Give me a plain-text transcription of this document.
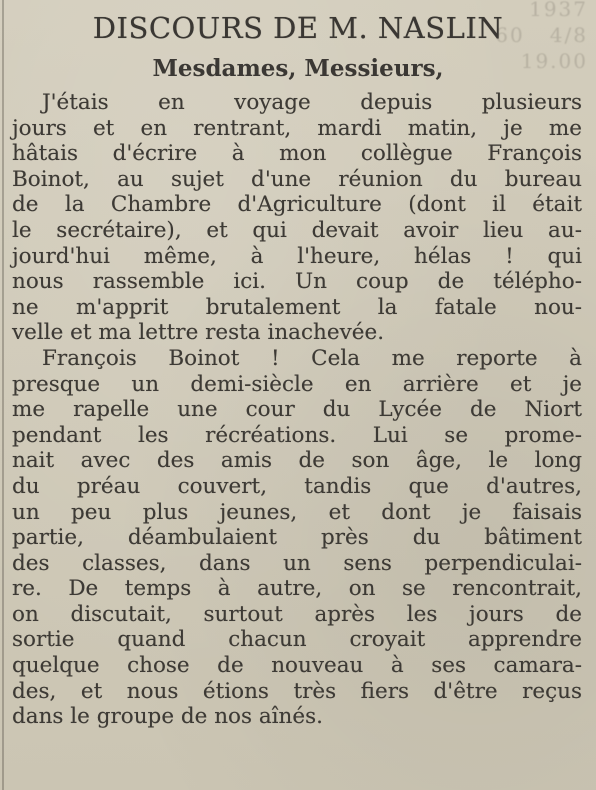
1937
60   4/8
19.00
DISCOURS DE M. NASLIN
Mesdames, Messieurs,
J'étais en voyage depuis plusieurs
jours et en rentrant, mardi matin, je me
hâtais d'écrire à mon collègue François
Boinot, au sujet d'une réunion du bureau
de la Chambre d'Agriculture (dont il était
le secrétaire), et qui devait avoir lieu au-
jourd'hui même, à l'heure, hélas ! qui
nous rassemble ici. Un coup de télépho-
ne m'apprit brutalement la fatale nou-
velle et ma lettre resta inachevée.
François Boinot ! Cela me reporte à
presque un demi-siècle en arrière et je
me rapelle une cour du Lycée de Niort
pendant les récréations. Lui se prome-
nait avec des amis de son âge, le long
du préau couvert, tandis que d'autres,
un peu plus jeunes, et dont je faisais
partie, déambulaient près du bâtiment
des classes, dans un sens perpendiculai-
re. De temps à autre, on se rencontrait,
on discutait, surtout après les jours de
sortie quand chacun croyait apprendre
quelque chose de nouveau à ses camara-
des, et nous étions très fiers d'être reçus
dans le groupe de nos aînés.
